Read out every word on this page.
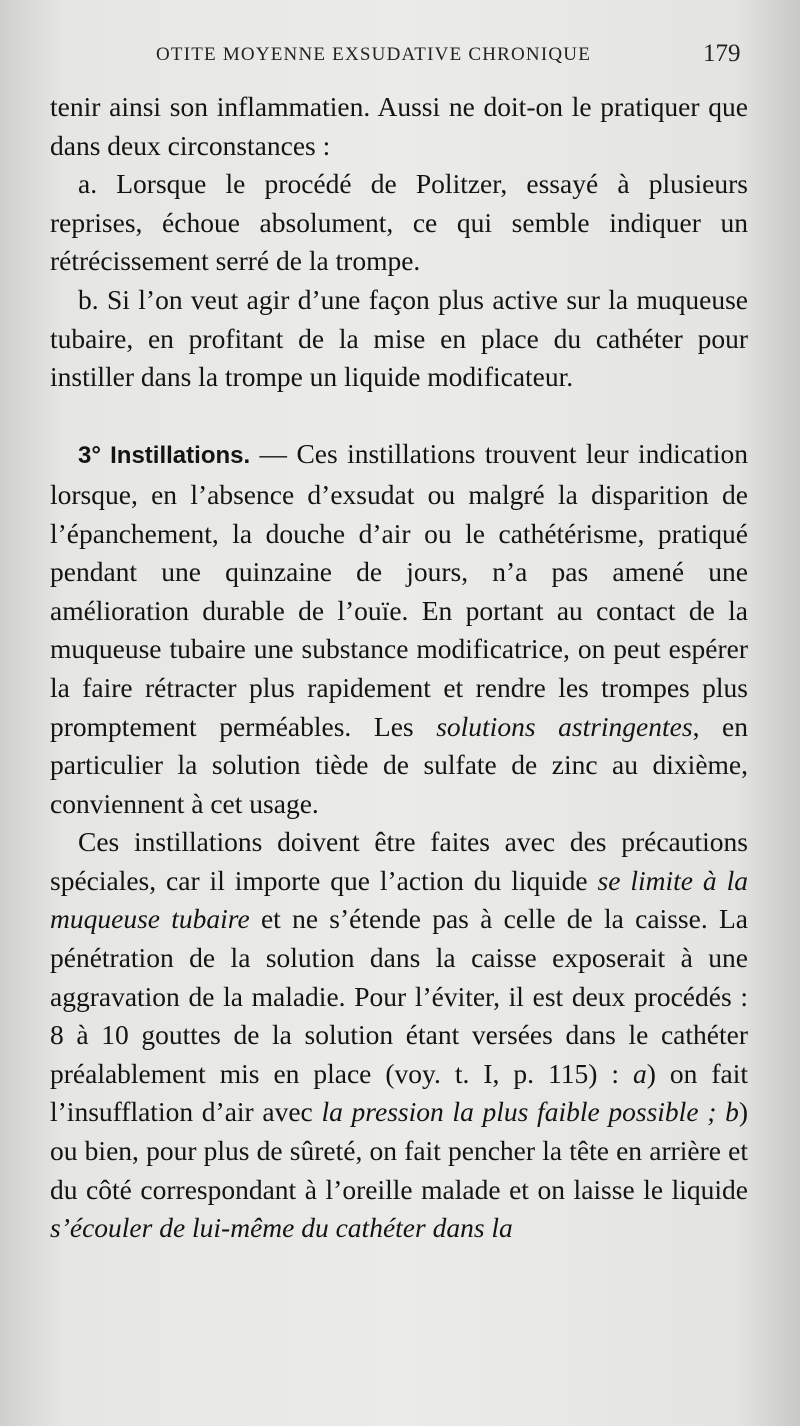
OTITE MOYENNE EXSUDATIVE CHRONIQUE	179

tenir ainsi son inflammatien. Aussi ne doit-on le pratiquer que dans deux circonstances :

a. Lorsque le procédé de Politzer, essayé à plusieurs reprises, échoue absolument, ce qui semble indiquer un rétrécissement serré de la trompe.

b. Si l’on veut agir d’une façon plus active sur la muqueuse tubaire, en profitant de la mise en place du cathéter pour instiller dans la trompe un liquide modificateur.

3° Instillations. — Ces instillations trouvent leur indication lorsque, en l’absence d’exsudat ou malgré la disparition de l’épanchement, la douche d’air ou le cathétérisme, pratiqué pendant une quinzaine de jours, n’a pas amené une amélioration durable de l’ouïe. En portant au contact de la muqueuse tubaire une substance modificatrice, on peut espérer la faire rétracter plus rapidement et rendre les trompes plus promptement perméables. Les solutions astringentes, en particulier la solution tiède de sulfate de zinc au dixième, conviennent à cet usage.

Ces instillations doivent être faites avec des précautions spéciales, car il importe que l’action du liquide se limite à la muqueuse tubaire et ne s’étende pas à celle de la caisse. La pénétration de la solution dans la caisse exposerait à une aggravation de la maladie. Pour l’éviter, il est deux procédés : 8 à 10 gouttes de la solution étant versées dans le cathéter préalablement mis en place (voy. t. I, p. 115) : a) on fait l’insufflation d’air avec la pression la plus faible possible ; b) ou bien, pour plus de sûreté, on fait pencher la tête en arrière et du côté correspondant à l’oreille malade et on laisse le liquide s’écouler de lui-même du cathéter dans la
